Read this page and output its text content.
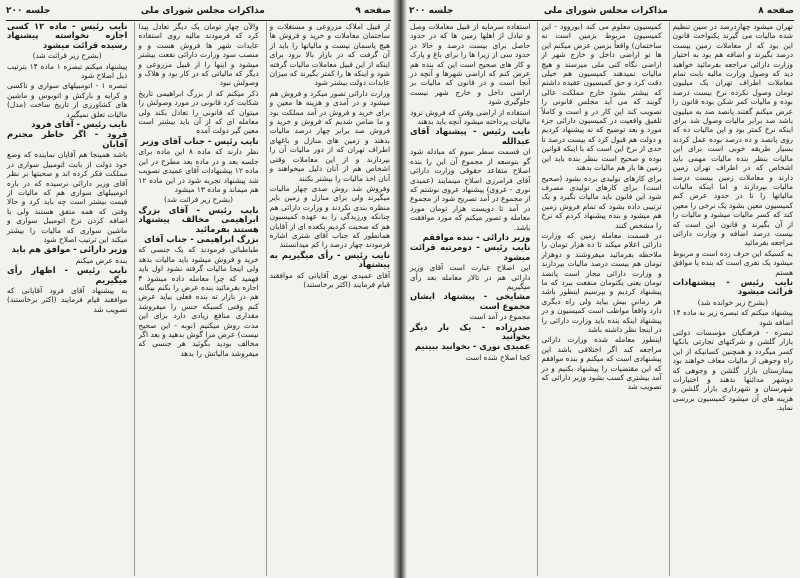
صفحه ۸
مذاکرات مجلس شورای ملی
جلسه ۲۰۰

تهران میشود چهاردرصد در سین تنظیم شده مالیات می گیرند یکنواخت قانون این بود که از معاملات زمین بیست درصد بگیرند و اضافه هم بود به اختیار وزارت دارائی مراجعه بفرمائید خواهید دید که وصول وزارت مالیه بابت تمام معاملات اطراف تهران یک میلیون تومان وصول نکرده نرخ بیست درصد بوده و مالیات کمر شکن بوده قانون را عرض میکنم گفتند پانصد صد به میلیون باشد صد برابر مالیات وصول شد برای اینکه نرخ کمتر بود و این مالیات ده که روی پانصد و ده درصد بوده عمل کردند بسیار طریقه خوبی است برای این مالیات بنظر بنده مالیات مهمی باید اشخاص که در اطراف تهران زمین دارند و معاملات زمین بیست درصد مالیات بپردازند و اما اینکه مالیات مالیاتها را تا در حدود عرض کنم کمیسیون معین بشود یک نرخی را معین کند که کسر مالیات میشود و مالیات را از آن بگیرند و قانون این است که بیست درصد اضافه و وزارت دارائی مراجعه بفرمائید

به کسیکه این حرف زده است و مربوط میشود یک نفری است که بنده یا موافق هستم

نایب رئیس - پیشنهادات قرائت میشود

(بشرح زیر خوانده شد)

پیشنهاد میکنم که تبصره زیر به ماده ۱۴ اضافه شود

تبصره - فرهنگیان مؤسسات دولتی بازار گلشن و شرکتهای تجارتی بانکها کسر میگردد و همچنین کسانیکه از این راه وجوهی از مالیات معاف خواهند بود بیمارستان بازار گلشن و وجوهی که دوشهر مدائنها بدهند و اختیارات شهرستان و شهرداری بازار گلشن و هزینه های آن میشود کمیسیون بررسی نماید.

کمیسیون معلوم می کند (بوروود - این کمیسیون مربوط بزمین است نه ساختمان) واقعاً بزمین عرض میکنم این ها تو اراضی داخل و خارج شهر از اراضی نگاه کنی ملی میرسند و هیچ مالیات نمیدهند کمیسیون هم خیلی دقت کرد و حق کمیسیون عقیده داشتم که بیشتر بشود خارج مملکت عالی گویند که می آید مجلس قانونی را تصویب کند این کار در و است و کاملاً تلفیق واقعیت در کمیسیون دارائی جزء مورد و بعد توضیح که نه پیشنهاد کردیم و دولت هم قبول کرد که بیست درصد تا حدی از نرخ این است که با اینکه قوانین بوده و صحیح است بنظر بنده باید این زمین ها باز هم مالیات بدهند

برای کارهای تولیدی برده بشود (صحیح است) برای کارهای تولیدی مصرف شود این قانون باید مالیات بگیرد و یک ترتیبی داده بشود که تمام فروش زمین هم میشود و بنده پیشنهاد کردم که نرخ را مشخص کنند

در قسمت معامله زمین که وزارت دارائی اعلام میکند تا ده هزار تومان را ملاحظه بفرمائید میفروشند و دوهزار تومان هم بیست درصد مالیات بپردازند و وزارت دارائی مجاز است پانصد تومان یعنی یکتومان منفعت ببرد که ما پیشنهاد کردیم و بپرسیم اینطور باشد هر زمانی بیش بیاید ولی راه دیگری دارد واقعاً مواظب است کمیسیون و در پیشنهاد اینکه بنده باید وزارت دارائی را در اینجا نظر داشته باشد

اینطور معامله شده وزارت دارائی مراجعه کند اگر اختلافی باشد این پیشنهادی است که میکنم و بنده موافقم که این مقتضیات را پیشنهاد بکنیم و در آمد بیشتری کسب بشود وزیر دارائی که تصویب شد

استفاده سرمایه از قبیل معاملات وصل و تبادل از اهلها زمین ها که در حدود حاصل برای بیست درصد و حالا در حدود سی از زیرا ها را برای باغ و پارک و کار های صحیح است این که بنده هم عرض کنم که اراضی شهرها و آنچه در آنجا است و در قانون که مالیات بر اراضی داخل و خارج شهر نیست جلوگیری شود

استفاده از اراضی وقتی که فروش نرود مالیات پرداخته میشود آنچه باید بدهند

نایب رئیس - پیشنهاد آقای عبدالله

ان قسمت سطر سوم که مبادله شود گو بتوسعه از مجموع آن این را بنده اصلاح متقاعد حقوقی وزارت دارائی آقای فرامرزی اصلاح مینمایند (عمیدی نوری - عروی) پیشنهاد عروی نوشتم که از مجموع در آمد تصریح شود از مجموع در آمد تا دویست هزار تومان مورد معامله و تصور میکنم که مورد موافقت باشد.

وزیر دارائی - بنده موافقم

نایب رئیس - دومرتبه قرائت میشود

این اصلاح عبارت است آقای وزیر دارائی هم در تالار معامله بعد رأی میگیریم

مشایخی - پیشنهاد ایشان مجموع است

مجموع در آمد است

صدرزاده - یک بار دیگر بخوانید

عمیدی نوری - بخوانید ببینیم

کجا اصلاح شده است

صفحه ۹
مذاکرات مجلس شورای ملی
جلسه ۲۰۰

از قبیل املاک مزروعی و مستغلات و ساختمان معاملات و خرید و فروش ها هیچ یاسمان نیست و مالیاتها را باید از آن گرفت که در بازار بالا برود برای اینکه از این قبیل معاملات مالیات گرفته شود و اینکه ها را کمتر بگیرند که میزان عایدات دولت بیشتر شود

وزارت دارائی تصور میکرد و فروش هم میشود و در آمدی و هزینه ها معین و برای خرید و فروش در آمد مملکت بود و ما ضامن شدیم که فروش و خرید و فروش صد برابر چهار درصد مالیات بدهند و زمین های منازل و باغهای اطراف تهران که از دور مالیات آن را بپردازند و از این معاملات وقتی اشخاص هم از آنان دلیل میخواهند و آنان اخذ مالیات را بیشتر بکنند

وفروش شد روش صدی چهار مالیات میگیرند ولی برای منازل و زمین بایر منظره بندی نکردند و وزارت دارائی هم چنانکه ورزیدگی را به عهده کمیسیون هم که صحبت کردیم یکعده ای از آقایان همانطور که جناب آقای شتری اشاره فرمودند چهار درصد را کم میدانستند

نایب رئیس - رأی میگیریم به پیشنهاد

آقای عمیدی نوری آقایانی که موافقند قیام فرمایند (اکثر برخاستند)

والآن چهار تومان یک دیگر تعادل پیدا کرد که فرمودند مالیه روی استفاده عایدات شهر ها فروش هست و و منصب سود وزارت دارائی نفعت بیشتر میشود و اینها را از قبیل مزروعی و دیگر که مالیاتی که در کار بود و هلاک و وصولش نبود

ذکر میکنم که از بزرگ ابراهیمی تاریخ شکایت کرد قانونی در مورد وصولش را میتوان که قانونی را تعادل بکند ولی معامله ای که از آن باید بیشتر است معین گیر دولت آمده

نایب رئیس - جناب آقای وزیر

نظر دارند که ماده ۸ این ماده برای جلسه بعد و در ماده بعد مطرح در این ماده ۱۲ پیشنهادات آقای عمیدی تصویب شد پیشنهاد تجربه شود در این ماده ۱۲ هم میماند و ماده ۱۳ میشود

(بشرح زیر قرائت شد)

نایب رئیس - آقای بزرگ ابراهیمی مخالف پیشنهاد هستند بفرمائید

بزرگ ابراهیمی - جناب آقای

طباطبائی فرمودند که یک جنسی که خرید و فروش میشود باید مالیات بدهد ولی اینجا مالیات گرفته نشود اول باید فهمید که چرا معامله داده میشود ۴ اجازه بفرمائید بنده عرض را بکنم بیگانه هم در بازار ته بنده فعلی بیاید عرض کنم وقتی کسیکه جنس را میفروشد مقداری منافع زیادی دارد برای این مدت روش میکنیم (نوبه - این صحیح نیست) عرض مرا گوش بدهید و بعد اگر مخالف بودید بگوئید هر جنسی که میفروشد مالیاتش را بدهد

نایب رئیس - ماده ۱۲ کسی اجازه نخواسته پیشنهاد رسیده قرائت میشود

(بشرح زیر قرائت شد)

پیشنهاد میکنم تبصره ۱ ماده ۱۴ بترتیب ذیل اصلاح شود

تبصره ۱ - اتومبیلهای سواری و تاکسی و کرایه و بارکش و اتوبوس و ماشین های کشاورزی از تاریخ ساخت (مدل) مالیات تعلق نمیگیرد

نایب رئیس - آقای فرود

فرود - اگر خاطر محترم آقایان

باشد همینجا هم آقایان نماینده که وضع خود دولت از بابت اتومبیل سواری در مملکت فکر کرده اند و صحبتها بر نظر آقای وزیر دارائی نرسیده که در باره اتومبیلهای سواری هم که مالیات از قیمت بیشتر است چه باید کرد و حالا وقتی که همه متفق هستند ولی با اضافه کردن نرخ اتومبیل سواری و ماشین سواری که مالیات را بیشتر میکند این ترتیب اصلاح شود

وزیر دارائی - موافق هم باید

بنده عرض میکنم

نایب رئیس - اظهار رأی میگیریم

به پیشنهاد آقای فرود آقایانی که موافقند قیام فرمایند (اکثر برخاستند) تصویب شد
